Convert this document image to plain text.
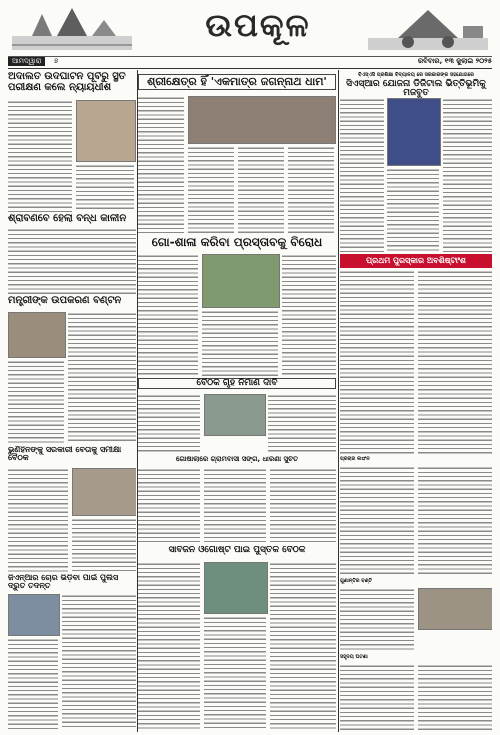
ଉପକୂଳ
ଆମଦ୍ୱାରା	୭	ରବିବାର, ୧୩ ଜୁଲାଇ ୨୦୨୫
ଅଦାଲତ ଉଦଘାଟନ ପୂର୍ବରୁ ସ୍ଥିତି ପରୀକ୍ଷଣ କଲେ ନ୍ୟାୟଧୀଶ	ଶ୍ରୀକ୍ଷେତ୍ର ହିଁ 'ଏକମାତ୍ର ଜଗନ୍ନାଥ ଧାମ'	ବିଏସ୍‌ଏସି ପ୍ରଶିକ୍ଷା ବିଦ୍ୟାଳୟ ରେ ସରକାରଙ୍କ ସହଯୋଗରେ
ସିଏସ୍‌ଆର ଯୋଜନା ଡିଜିଟାଲ ଭିତ୍ତିଭୂମିକୁ ମଜବୁତ
ଶ୍ରାବଣିବେ ହେଲା ବନ୍ଧ କାଳୀନ
ଗୋ-ଶାଳା କରିବା ପ୍ରସ୍ତାବକୁ ବିରୋଧ
ପ୍ରଥମ ପୁରସ୍କାର ଅବଶିଷ୍ଟାଂଶ
ମନ୍ତ୍ରୀଙ୍କ ଉପକରଣ ବଣ୍ଟନ
ବୈଠକ ଗୃହ ନିର୍ମାଣ ଦାବି
ଗୋଷାଲାରେ ଗ୍ରାମବାସୀ ସଙ୍ଗ, ଧାରଣା ସୁଚିତ
ଭୁଣିହିଁନଙ୍କୁ ସରକାରୀ ବେତାକୁ ସମୀକ୍ଷା ବୈଠକ	ପ୍ରଚାର ଲଙ୍ଘନ
ଜିଏନ୍‌ଆର ଚୋର ଭିଡ଼ିବା ପାଇଁ ପୁଲିସ ଦ୍ରୁତ ତଦନ୍ତ
ସାର୍ବଜନ ଓଗୋଷ୍ଟି ପାଇଁ ପୁସ୍ତକ ବୈଠକ
ଗୁଣାନ୍ତିର ବଣ୍ଟି
ସହୃଦୟ ଘଟଣା
